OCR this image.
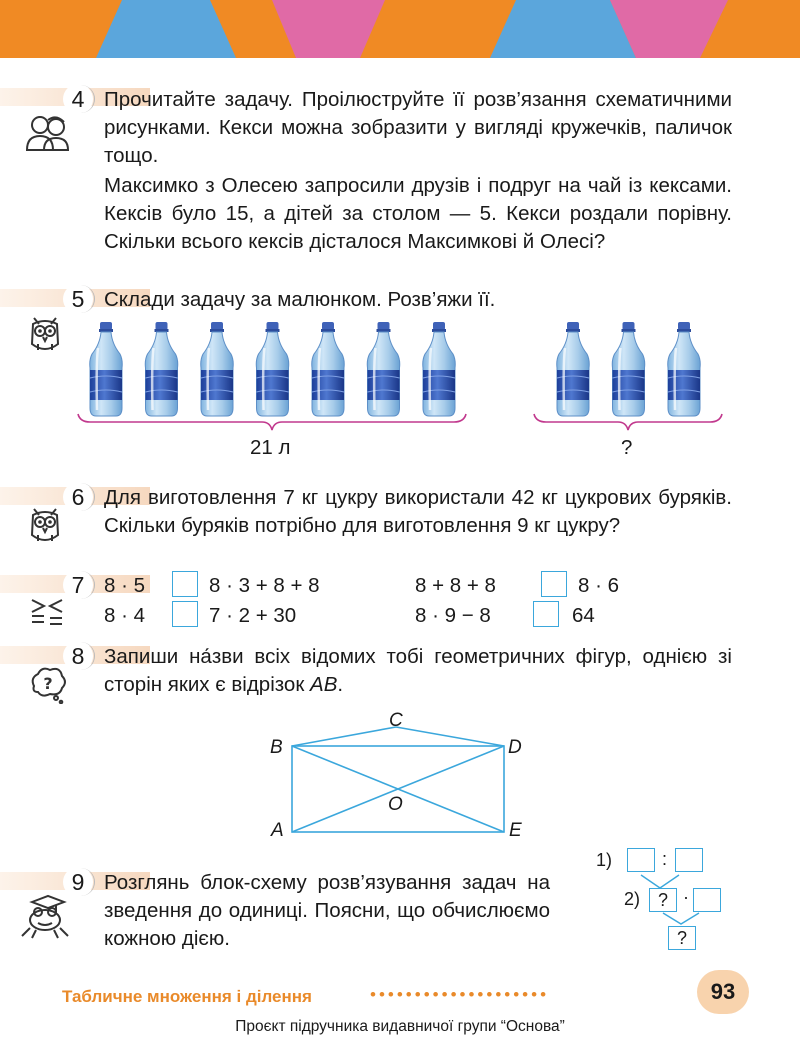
4 Прочитайте задачу. Проілюструйте її розв’язання схематичними рисунками. Кекси можна зобразити у вигляді кружечків, паличок тощо.

Максимко з Олесею запросили друзів і подруг на чай із кексами. Кексів було 15, а дітей за столом — 5. Кекси роздали порівну. Скільки всього кексів дісталося Максимкові й Олесі?

5 Склади задачу за малюнком. Розв’яжи її.

21 л	?
6 Для виготовлення 7 кг цукру використали 42 кг цукрових буряків. Скільки буряків потрібно для виготовлення 9 кг цукру?

7 8 · 5	8 · 3 + 8 + 8	8 + 8 + 8	8 · 6
8 · 4	7 · 2 + 30	8 · 9 − 8	64
8
?

Запиши на́зви всіх відомих тобі геометричних фігур, однією зі сторін яких є відрізок AB.

C
B	D
O
A	E
9 Розглянь блок-схему розв’язування задач на зведення до одиниці. Поясни, що обчислюємо кожною дією.

1)	:
2) ? ·
?
Табличне множення і ділення	••••••••••••••••••••	93
Проєкт підручника видавничої групи “Основа”
